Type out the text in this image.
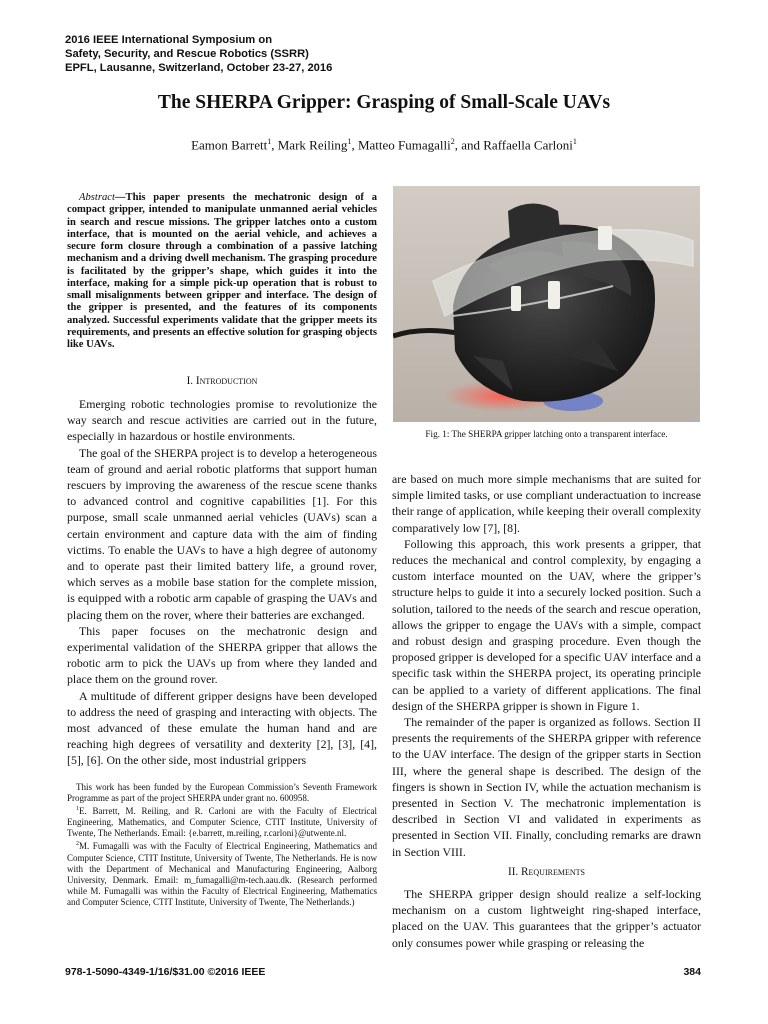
2016 IEEE International Symposium on
Safety, Security, and Rescue Robotics (SSRR)
EPFL, Lausanne, Switzerland, October 23-27, 2016
The SHERPA Gripper: Grasping of Small-Scale UAVs
Eamon Barrett$^1$, Mark Reiling$^1$, Matteo Fumagalli$^2$, and Raffaella Carloni$^1$

Abstract—This paper presents the mechatronic design of a compact gripper, intended to manipulate unmanned aerial vehicles in search and rescue missions. The gripper latches onto a custom interface, that is mounted on the aerial vehicle, and achieves a secure form closure through a combination of a passive latching mechanism and a driving dwell mechanism. The grasping procedure is facilitated by the gripper’s shape, which guides it into the interface, making for a simple pick-up operation that is robust to small misalignments between gripper and interface. The design of the gripper is presented, and the features of its components analyzed. Successful experiments validate that the gripper meets its requirements, and presents an effective solution for grasping objects like UAVs.

I. Introduction

Emerging robotic technologies promise to revolutionize the way search and rescue activities are carried out in the future, especially in hazardous or hostile environments.

The goal of the SHERPA project is to develop a heterogeneous team of ground and aerial robotic platforms that support human rescuers by improving the awareness of the rescue scene thanks to advanced control and cognitive capabilities [1]. For this purpose, small scale unmanned aerial vehicles (UAVs) scan a certain environment and capture data with the aim of finding victims. To enable the UAVs to have a high degree of autonomy and to operate past their limited battery life, a ground rover, which serves as a mobile base station for the complete mission, is equipped with a robotic arm capable of grasping the UAVs and placing them on the rover, where their batteries are exchanged.

This paper focuses on the mechatronic design and experimental validation of the SHERPA gripper that allows the robotic arm to pick the UAVs up from where they landed and place them on the ground rover.

A multitude of different gripper designs have been developed to address the need of grasping and interacting with objects. The most advanced of these emulate the human hand and are reaching high degrees of versatility and dexterity [2], [3], [4], [5], [6]. On the other side, most industrial grippers

This work has been funded by the European Commission’s Seventh Framework Programme as part of the project SHERPA under grant no. 600958.

$^1$E. Barrett, M. Reiling, and R. Carloni are with the Faculty of Electrical Engineering, Mathematics, and Computer Science, CTIT Institute, University of Twente, The Netherlands. Email: {e.barrett, m.reiling, r.carloni}@utwente.nl.

$^2$M. Fumagalli was with the Faculty of Electrical Engineering, Mathematics and Computer Science, CTIT Institute, University of Twente, The Netherlands. He is now with the Department of Mechanical and Manufacturing Engineering, Aalborg University, Denmark. Email: m_fumagalli@m-tech.aau.dk. (Research performed while M. Fumagalli was within the Faculty of Electrical Engineering, Mathematics and Computer Science, CTIT Institute, University of Twente, The Netherlands.)

Fig. 1: The SHERPA gripper latching onto a transparent interface.

are based on much more simple mechanisms that are suited for simple limited tasks, or use compliant underactuation to increase their range of application, while keeping their overall complexity comparatively low [7], [8].

Following this approach, this work presents a gripper, that reduces the mechanical and control complexity, by engaging a custom interface mounted on the UAV, where the gripper’s structure helps to guide it into a securely locked position. Such a solution, tailored to the needs of the search and rescue operation, allows the gripper to engage the UAVs with a simple, compact and robust design and grasping procedure. Even though the proposed gripper is developed for a specific UAV interface and a specific task within the SHERPA project, its operating principle can be applied to a variety of different applications. The final design of the SHERPA gripper is shown in Figure 1.

The remainder of the paper is organized as follows. Section II presents the requirements of the SHERPA gripper with reference to the UAV interface. The design of the gripper starts in Section III, where the general shape is described. The design of the fingers is shown in Section IV, while the actuation mechanism is presented in Section V. The mechatronic implementation is described in Section VI and validated in experiments as presented in Section VII. Finally, concluding remarks are drawn in Section VIII.

II. Requirements

The SHERPA gripper design should realize a self-locking mechanism on a custom lightweight ring-shaped interface, placed on the UAV. This guarantees that the gripper’s actuator only consumes power while grasping or releasing the

978-1-5090-4349-1/16/$31.00 ©2016 IEEE	384
